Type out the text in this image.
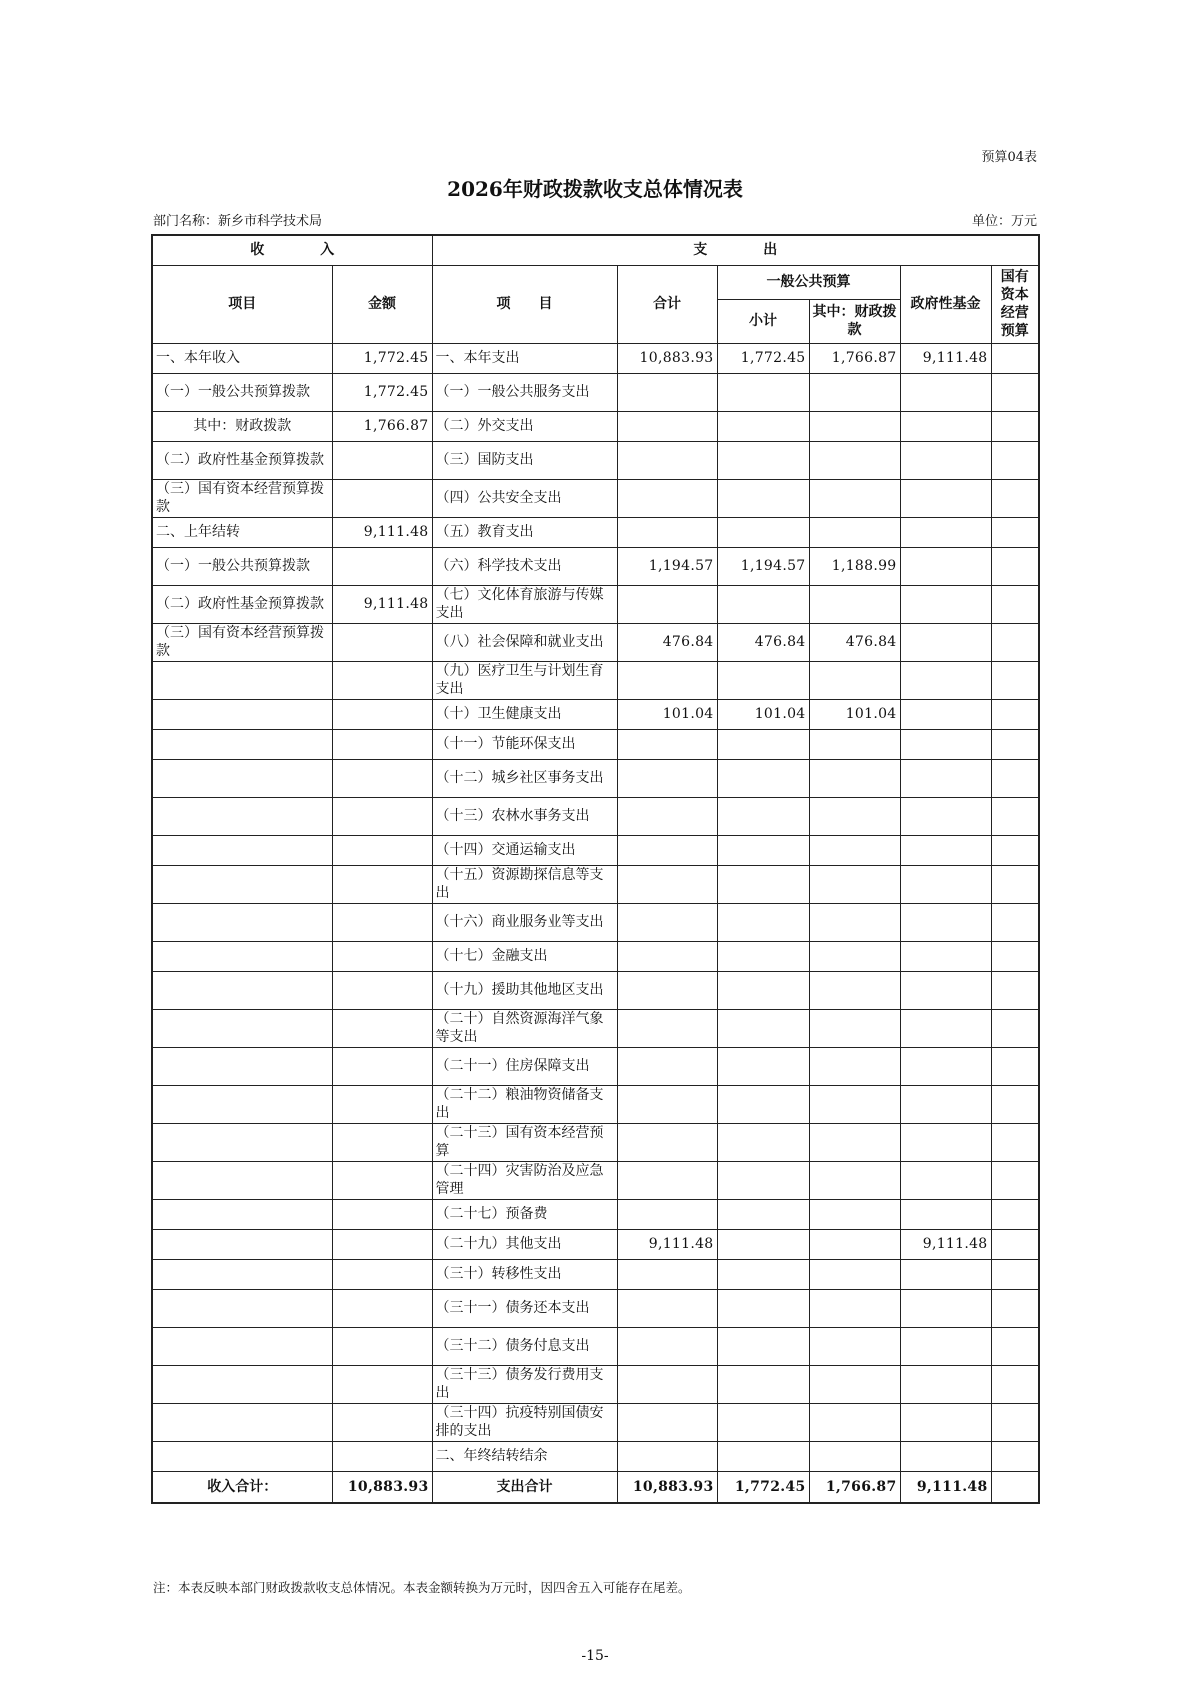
预算04表
2026年财政拨款收支总体情况表
部门名称：新乡市科学技术局	单位：万元
收　　　　入		支　　　　出					
项目	金额	项　　目	合计	一般公共预算		政府性基金	国有资本经营预算
				小计	其中：财政拨款		
一、本年收入	1,772.45	一、本年支出	10,883.93	1,772.45	1,766.87	9,111.48	
（一）一般公共预算拨款	1,772.45	（一）一般公共服务支出					
其中：财政拨款	1,766.87	（二）外交支出					
（二）政府性基金预算拨款		（三）国防支出					
（三）国有资本经营预算拨款		（四）公共安全支出					
二、上年结转	9,111.48	（五）教育支出					
（一）一般公共预算拨款		（六）科学技术支出	1,194.57	1,194.57	1,188.99		
（二）政府性基金预算拨款	9,111.48	（七）文化体育旅游与传媒支出					
（三）国有资本经营预算拨款		（八）社会保障和就业支出	476.84	476.84	476.84		
		（九）医疗卫生与计划生育支出					
		（十）卫生健康支出	101.04	101.04	101.04		
		（十一）节能环保支出					
		（十二）城乡社区事务支出					
		（十三）农林水事务支出					
		（十四）交通运输支出					
		（十五）资源勘探信息等支出					
		（十六）商业服务业等支出					
		（十七）金融支出					
		（十九）援助其他地区支出					
		（二十）自然资源海洋气象等支出					
		（二十一）住房保障支出					
		（二十二）粮油物资储备支出					
		（二十三）国有资本经营预算					
		（二十四）灾害防治及应急管理					
		（二十七）预备费					
		（二十九）其他支出	9,111.48			9,111.48	
		（三十）转移性支出					
		（三十一）债务还本支出					
		（三十二）债务付息支出					
		（三十三）债务发行费用支出					
		（三十四）抗疫特别国债安排的支出					
		二、年终结转结余					
收入合计：	10,883.93	支出合计	10,883.93	1,772.45	1,766.87	9,111.48	
注：本表反映本部门财政拨款收支总体情况。本表金额转换为万元时，因四舍五入可能存在尾差。
-15-
